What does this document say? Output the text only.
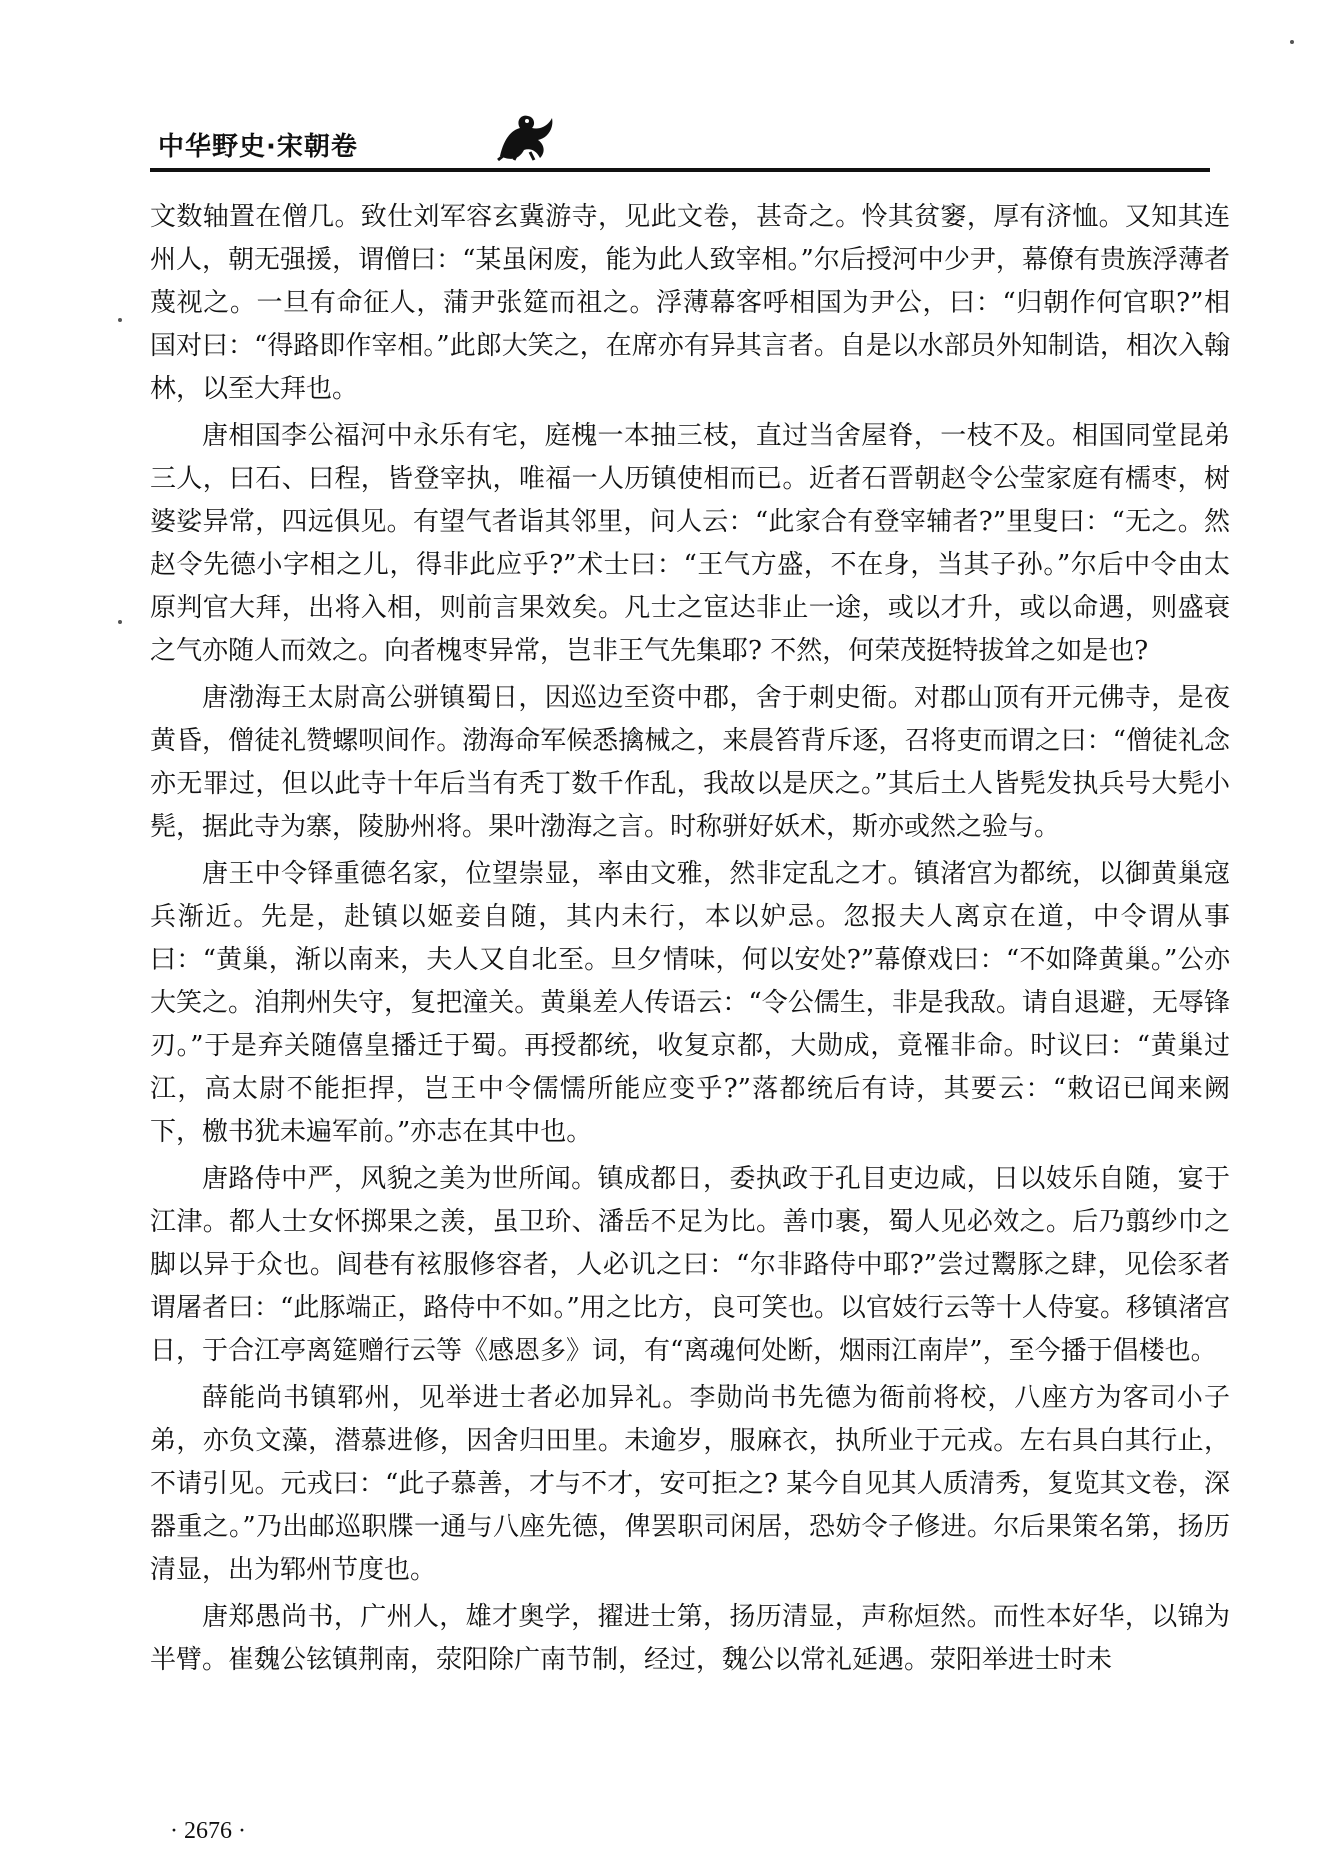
中华野史·宋朝卷

文数轴置在僧几。致仕刘军容玄冀游寺，见此文卷，甚奇之。怜其贫窭，厚有济恤。又知其连州人，朝无强援，谓僧曰：“某虽闲废，能为此人致宰相。”尔后授河中少尹，幕僚有贵族浮薄者蔑视之。一旦有命征人，蒲尹张筵而祖之。浮薄幕客呼相国为尹公，曰：“归朝作何官职?”相国对曰：“得路即作宰相。”此郎大笑之，在席亦有异其言者。自是以水部员外知制诰，相次入翰林，以至大拜也。

唐相国李公福河中永乐有宅，庭槐一本抽三枝，直过当舍屋脊，一枝不及。相国同堂昆弟三人，曰石、曰程，皆登宰执，唯福一人历镇使相而已。近者石晋朝赵令公莹家庭有檽枣，树婆娑异常，四远俱见。有望气者诣其邻里，问人云：“此家合有登宰辅者?”里叟曰：“无之。然赵令先德小字相之儿，得非此应乎?”术士曰：“王气方盛，不在身，当其子孙。”尔后中令由太原判官大拜，出将入相，则前言果效矣。凡士之宦达非止一途，或以才升，或以命遇，则盛衰之气亦随人而效之。向者槐枣异常，岂非王气先集耶? 不然，何荣茂挺特拔耸之如是也?

唐渤海王太尉高公骈镇蜀日，因巡边至资中郡，舍于刺史衙。对郡山顶有开元佛寺，是夜黄昏，僧徒礼赞螺呗间作。渤海命军候悉擒械之，来晨笞背斥逐，召将吏而谓之曰：“僧徒礼念亦无罪过，但以此寺十年后当有秃丁数千作乱，我故以是厌之。”其后土人皆髡发执兵号大髡小髡，据此寺为寨，陵胁州将。果叶渤海之言。时称骈好妖术，斯亦或然之验与。

唐王中令铎重德名家，位望崇显，率由文雅，然非定乱之才。镇渚宫为都统，以御黄巢寇兵渐近。先是，赴镇以姬妾自随，其内未行，本以妒忌。忽报夫人离京在道，中令谓从事曰：“黄巢，渐以南来，夫人又自北至。旦夕情味，何以安处?”幕僚戏曰：“不如降黄巢。”公亦大笑之。洎荆州失守，复把潼关。黄巢差人传语云：“令公儒生，非是我敌。请自退避，无辱锋刃。”于是弃关随僖皇播迁于蜀。再授都统，收复京都，大勋成，竟罹非命。时议曰：“黄巢过江，高太尉不能拒捍，岂王中令儒懦所能应变乎?”落都统后有诗，其要云：“敕诏已闻来阙下，檄书犹未遍军前。”亦志在其中也。

唐路侍中严，风貌之美为世所闻。镇成都日，委执政于孔目吏边咸，日以妓乐自随，宴于江津。都人士女怀掷果之羡，虽卫玠、潘岳不足为比。善巾裹，蜀人见必效之。后乃翦纱巾之脚以异于众也。闾巷有袨服修容者，人必讥之曰：“尔非路侍中耶?”尝过鬻豚之肆，见侩豕者谓屠者曰：“此豚端正，路侍中不如。”用之比方，良可笑也。以官妓行云等十人侍宴。移镇渚宫日，于合江亭离筵赠行云等《感恩多》词，有“离魂何处断，烟雨江南岸”，至今播于倡楼也。

薛能尚书镇郓州，见举进士者必加异礼。李勋尚书先德为衙前将校，八座方为客司小子弟，亦负文藻，潜慕进修，因舍归田里。未逾岁，服麻衣，执所业于元戎。左右具白其行止，不请引见。元戎曰：“此子慕善，才与不才，安可拒之? 某今自见其人质清秀，复览其文卷，深器重之。”乃出邮巡职牒一通与八座先德，俾罢职司闲居，恐妨令子修进。尔后果策名第，扬历清显，出为郓州节度也。

唐郑愚尚书，广州人，雄才奥学，擢进士第，扬历清显，声称烜然。而性本好华，以锦为半臂。崔魏公铉镇荆南，荥阳除广南节制，经过，魏公以常礼延遇。荥阳举进士时未

· 2676 ·
